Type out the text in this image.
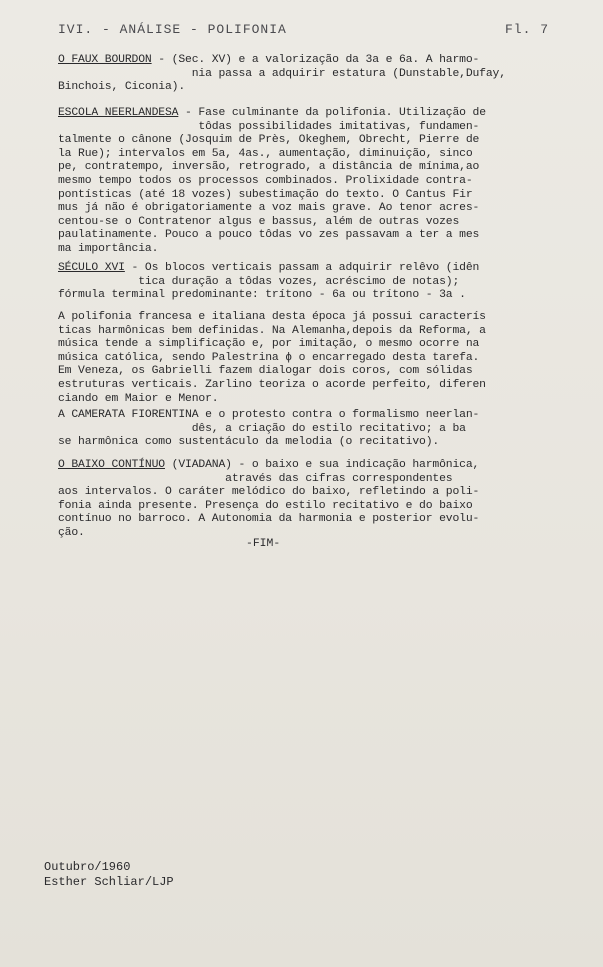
IVI. - ANÁLISE - POLIFONIA	Fl. 7
O FAUX BOURDON - (Sec. XV) e a valorização da 3a e 6a. A harmo-
nia passa a adquirir estatura (Dunstable,Dufay,
Binchois, Ciconia).
ESCOLA NEERLANDESA - Fase culminante da polifonia. Utilização de
tôdas possibilidades imitativas, fundamen-
talmente o cânone (Josquim de Près, Okeghem, Obrecht, Pierre de
la Rue); intervalos em 5a, 4as., aumentação, diminuição, sinco
pe, contratempo, inversão, retrogrado, a distância de mínima,ao
mesmo tempo todos os processos combinados. Prolixidade contra-
pontísticas (até 18 vozes) subestimação do texto. O Cantus Fir
mus já não é obrigatoriamente a voz mais grave. Ao tenor acres-
centou-se o Contratenor algus e bassus, além de outras vozes
paulatinamente. Pouco a pouco tôdas vo zes passavam a ter a mes
ma importância.
SÉCULO XVI - Os blocos verticais passam a adquirir relêvo (idên
tica duração a tôdas vozes, acréscimo de notas);
fórmula terminal predominante: trítono - 6a ou trítono - 3a .
A polifonia francesa e italiana desta época já possui caracterís
ticas harmônicas bem definidas. Na Alemanha,depois da Reforma, a
música tende a simplificação e, por imitação, o mesmo ocorre na
música católica, sendo Palestrina ɸ o encarregado desta tarefa.
Em Veneza, os Gabrielli fazem dialogar dois coros, com sólidas
estruturas verticais. Zarlino teoriza o acorde perfeito, diferen
ciando em Maior e Menor.
A CAMERATA FIORENTINA e o protesto contra o formalismo neerlan-
dês, a criação do estilo recitativo; a ba
se harmônica como sustentáculo da melodia (o recitativo).
O BAIXO CONTÍNUO (VIADANA) - o baixo e sua indicação harmônica,
através das cifras correspondentes
aos intervalos. O caráter melódico do baixo, refletindo a poli-
fonia ainda presente. Presença do estilo recitativo e do baixo
contínuo no barroco. A Autonomia da harmonia e posterior evolu-
ção.
-FIM-
Outubro/1960
Esther Schliar/LJP
